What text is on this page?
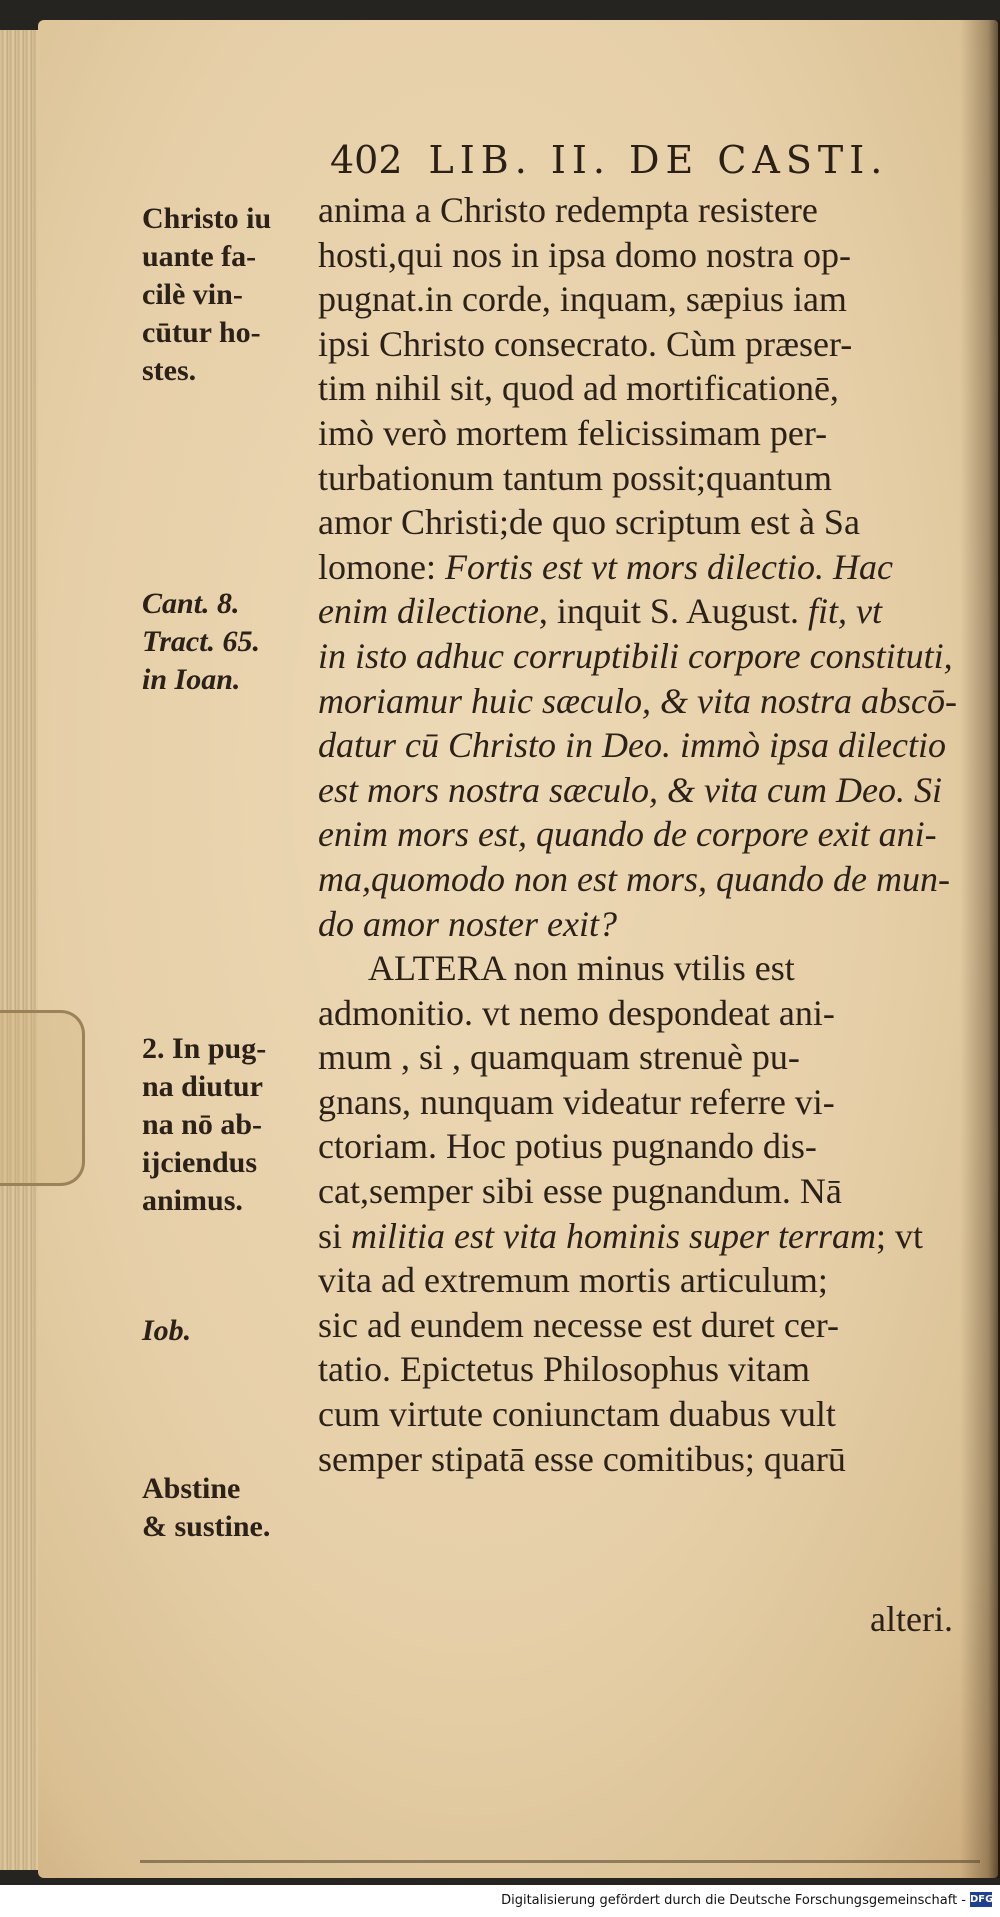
402 LIB. II. DE CASTI.
anima a Christo redempta resistere
hosti,qui nos in ipsa domo nostra op-
pugnat.in corde, inquam, sæpius iam
ipsi Christo consecrato. Cùm præser-
tim nihil sit, quod ad mortificationē,
imò verò mortem felicissimam per-
turbationum tantum possit;quantum
amor Christi;de quo scriptum est à Sa
lomone: Fortis est vt mors dilectio. Hac
enim dilectione, inquit S. August. fit, vt
in isto adhuc corruptibili corpore constituti,
moriamur huic sæculo, & vita nostra abscō-
datur cū Christo in Deo. immò ipsa dilectio
est mors nostra sæculo, & vita cum Deo. Si
enim mors est, quando de corpore exit ani-
ma,quomodo non est mors, quando de mun-
do amor noster exit?
ALTERA non minus vtilis est
admonitio. vt nemo despondeat ani-
mum , si , quamquam strenuè pu-
gnans, nunquam videatur referre vi-
ctoriam. Hoc potius pugnando dis-
cat,semper sibi esse pugnandum. Nā
si militia est vita hominis super terram; vt
vita ad extremum mortis articulum;
sic ad eundem necesse est duret cer-
tatio. Epictetus Philosophus vitam
cum virtute coniunctam duabus vult
semper stipatā esse comitibus; quarū
Christo iu
uante fa-
cilè vin-
cūtur ho-
stes.
Cant. 8.
Tract. 65.
in Ioan.
2. In pug-
na diutur
na nō ab-
ijciendus
animus.
Iob.
Abstine
& sustine.
alteri.
Digitalisierung gefördert durch die Deutsche Forschungsgemeinschaft - DFG
